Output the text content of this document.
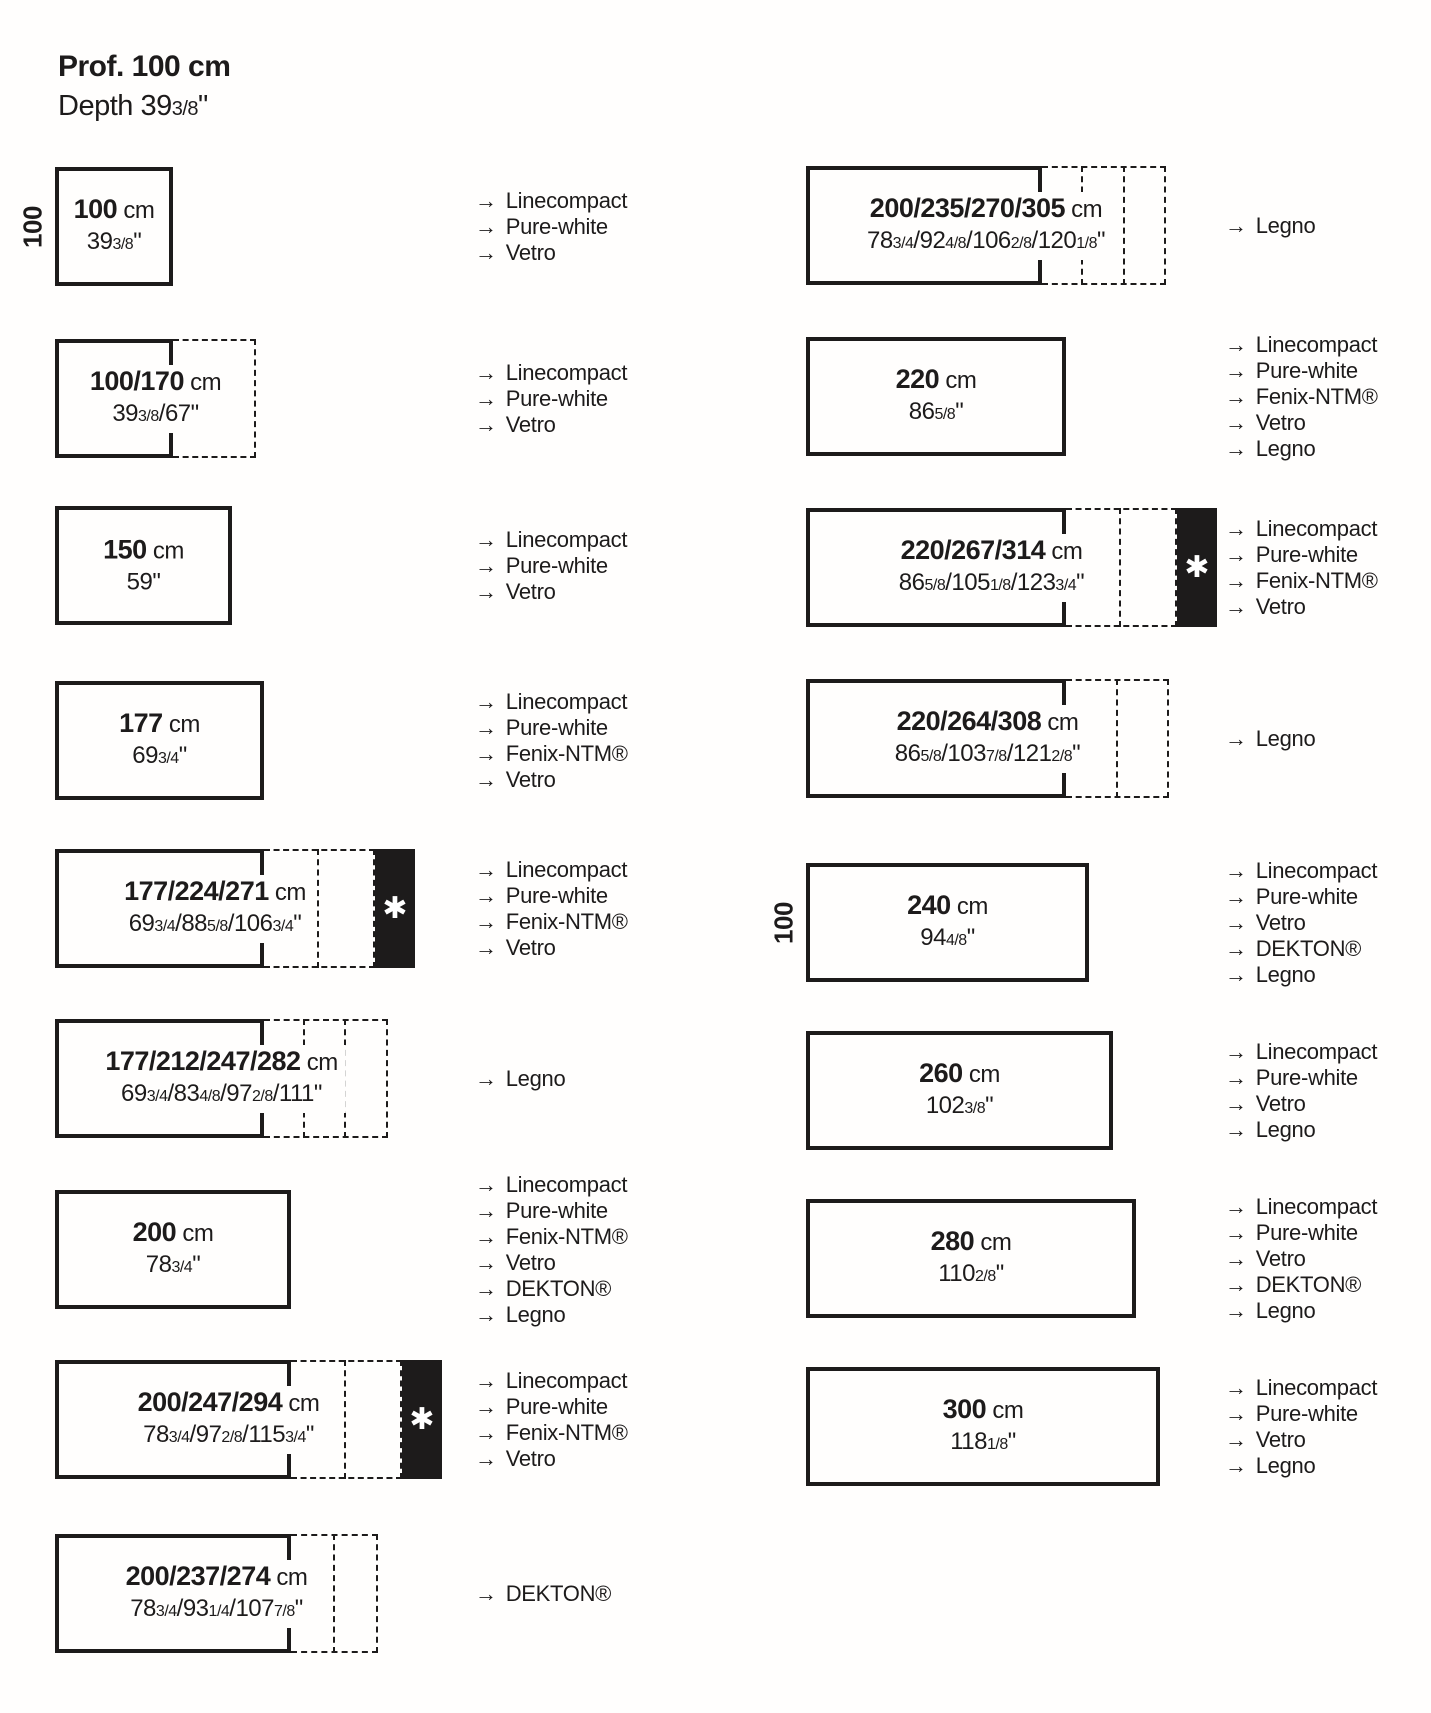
Prof. 100 cm
Depth 393/8"
100 cm
393/8"
100
→ Linecompact
→ Pure-white
→ Vetro
100/170 cm
393/8/67"
→ Linecompact
→ Pure-white
→ Vetro
150 cm
59"
→ Linecompact
→ Pure-white
→ Vetro
177 cm
693/4"
→ Linecompact
→ Pure-white
→ Fenix-NTM®
→ Vetro
✱
177/224/271 cm
693/4/885/8/1063/4"
→ Linecompact
→ Pure-white
→ Fenix-NTM®
→ Vetro
177/212/247/282 cm
693/4/834/8/972/8/111"
→ Legno
200 cm
783/4"
→ Linecompact
→ Pure-white
→ Fenix-NTM®
→ Vetro
→ DEKTON®
→ Legno
✱
200/247/294 cm
783/4/972/8/1153/4"
→ Linecompact
→ Pure-white
→ Fenix-NTM®
→ Vetro
200/237/274 cm
783/4/931/4/1077/8"
→ DEKTON®
200/235/270/305 cm
783/4/924/8/1062/8/1201/8"
→ Legno
220 cm
865/8"
→ Linecompact
→ Pure-white
→ Fenix-NTM®
→ Vetro
→ Legno
✱
220/267/314 cm
865/8/1051/8/1233/4"
→ Linecompact
→ Pure-white
→ Fenix-NTM®
→ Vetro
220/264/308 cm
865/8/1037/8/1212/8"
→ Legno
240 cm
944/8"
100
→ Linecompact
→ Pure-white
→ Vetro
→ DEKTON®
→ Legno
260 cm
1023/8"
→ Linecompact
→ Pure-white
→ Vetro
→ Legno
280 cm
1102/8"
→ Linecompact
→ Pure-white
→ Vetro
→ DEKTON®
→ Legno
300 cm
1181/8"
→ Linecompact
→ Pure-white
→ Vetro
→ Legno
